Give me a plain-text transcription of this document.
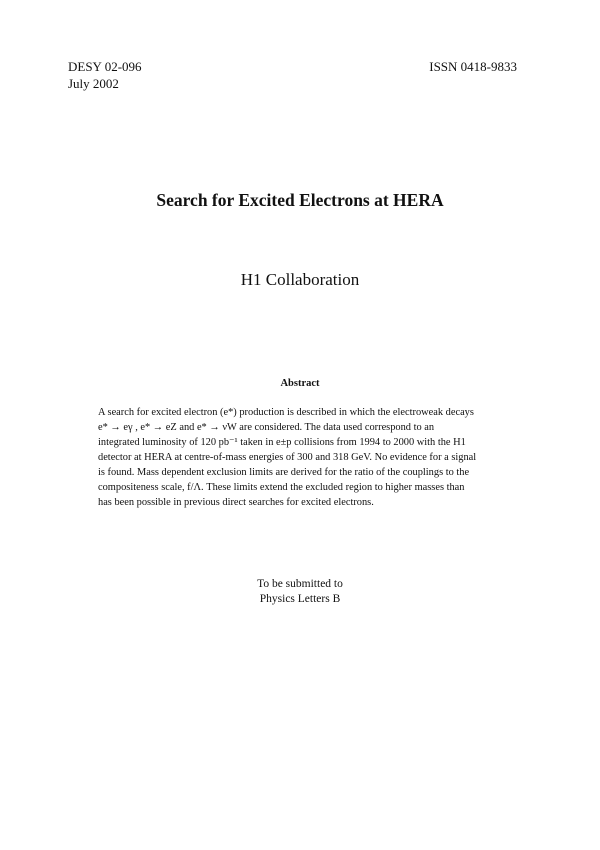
DESY 02-096
July 2002
ISSN 0418-9833
Search for Excited Electrons at HERA
H1 Collaboration
Abstract
A search for excited electron (e*) production is described in which the electroweak decays
e* → eγ , e* → eZ and e* → νW are considered. The data used correspond to an
integrated luminosity of 120 pb⁻¹ taken in e±p collisions from 1994 to 2000 with the H1
detector at HERA at centre-of-mass energies of 300 and 318 GeV. No evidence for a signal
is found. Mass dependent exclusion limits are derived for the ratio of the couplings to the
compositeness scale, f/Λ. These limits extend the excluded region to higher masses than
has been possible in previous direct searches for excited electrons.
To be submitted to
Physics Letters B
